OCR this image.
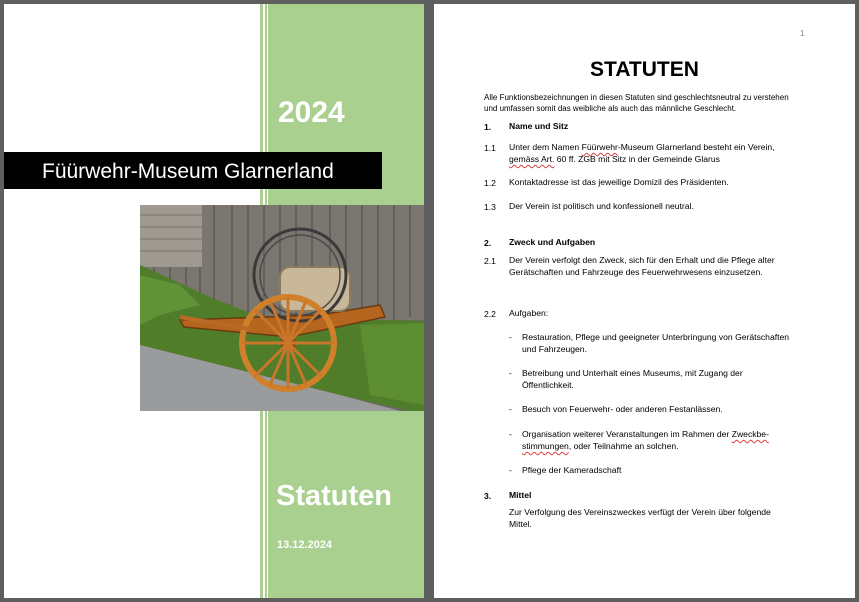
2024
Füürwehr-Museum Glarnerland
Statuten
13.12.2024
1
STATUTEN
Alle Funktionsbezeichnungen in diesen Statuten sind geschlechtsneutral zu verstehen und umfassen somit das weibliche als auch das männliche Geschlecht.
1. Name und Sitz
1.1 Unter dem Namen Füürwehr-Museum Glarnerland besteht ein Verein,
gemäss Art. 60 ff. ZGB mit Sitz in der Gemeinde Glarus
1.2 Kontaktadresse ist das jeweilige Domizil des Präsidenten.
1.3 Der Verein ist politisch und konfessionell neutral.
2. Zweck und Aufgaben
2.1 Der Verein verfolgt den Zweck, sich für den Erhalt und die Pflege alter
Gerätschaften und Fahrzeuge des Feuerwehrwesens einzusetzen.
2.2 Aufgaben:
- Restauration, Pflege und geeigneter Unterbringung von Gerätschaften
und Fahrzeugen.
- Betreibung und Unterhalt eines Museums, mit Zugang der
Öffentlichkeit.
- Besuch von Feuerwehr- oder anderen Festanlässen.
- Organisation weiterer Veranstaltungen im Rahmen der Zweckbe-
stimmungen, oder Teilnahme an solchen.
- Pflege der Kameradschaft
3. Mittel
Zur Verfolgung des Vereinszweckes verfügt der Verein über folgende
Mittel.
